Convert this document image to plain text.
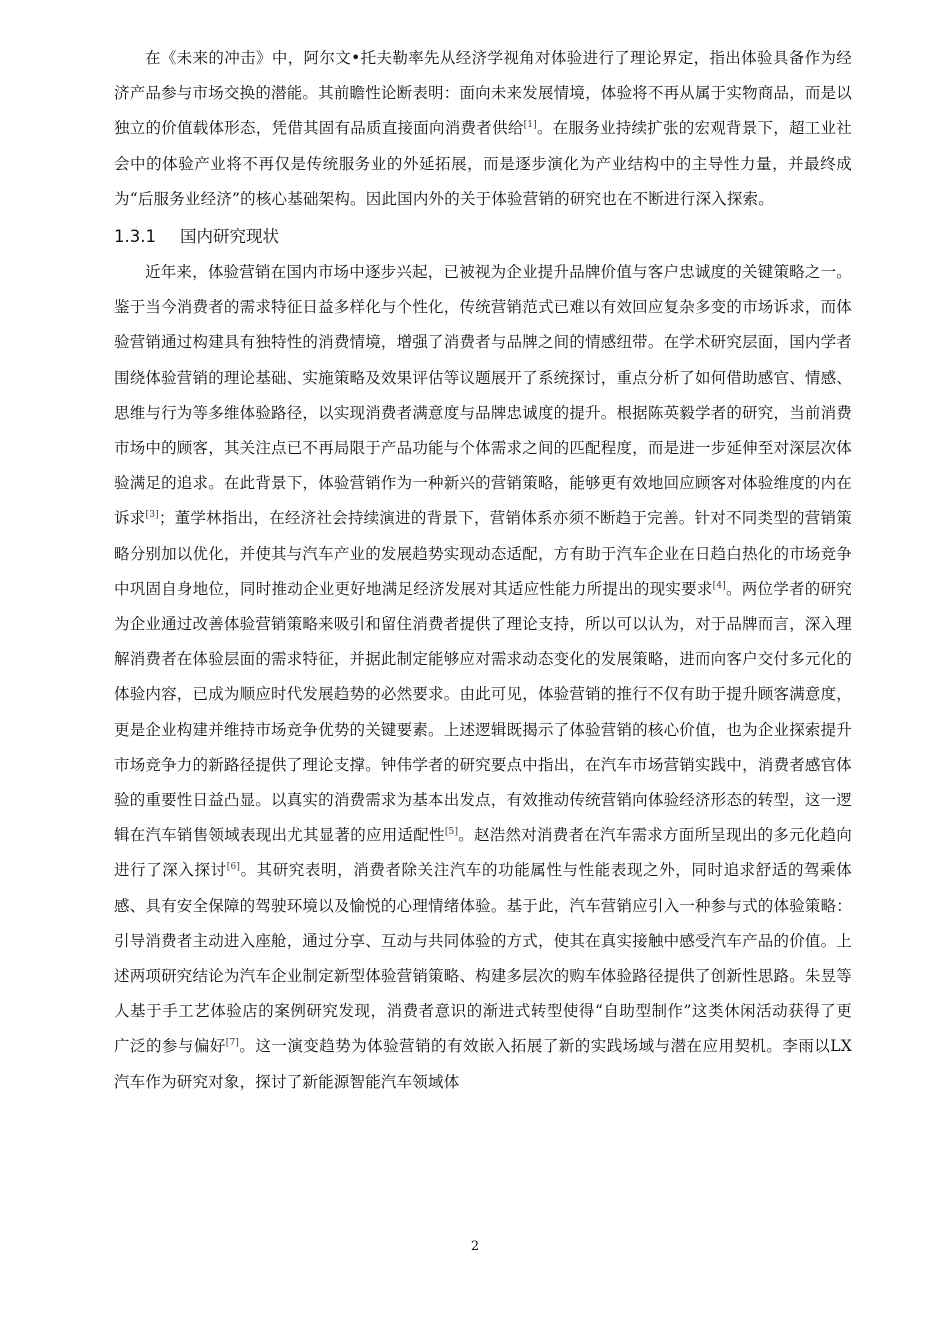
在《未来的冲击》中，阿尔文•托夫勒率先从经济学视角对体验进行了理论界定，指出体验具备作为经济产品参与市场交换的潜能。其前瞻性论断表明：面向未来发展情境，体验将不再从属于实物商品，而是以独立的价值载体形态，凭借其固有品质直接面向消费者供给[1]。在服务业持续扩张的宏观背景下，超工业社会中的体验产业将不再仅是传统服务业的外延拓展，而是逐步演化为产业结构中的主导性力量，并最终成为“后服务业经济”的核心基础架构。因此国内外的关于体验营销的研究也在不断进行深入探索。

1.3.1	国内研究现状

近年来，体验营销在国内市场中逐步兴起，已被视为企业提升品牌价值与客户忠诚度的关键策略之一。鉴于当今消费者的需求特征日益多样化与个性化，传统营销范式已难以有效回应复杂多变的市场诉求，而体验营销通过构建具有独特性的消费情境，增强了消费者与品牌之间的情感纽带。在学术研究层面，国内学者围绕体验营销的理论基础、实施策略及效果评估等议题展开了系统探讨，重点分析了如何借助感官、情感、思维与行为等多维体验路径，以实现消费者满意度与品牌忠诚度的提升。根据陈英毅学者的研究，当前消费市场中的顾客，其关注点已不再局限于产品功能与个体需求之间的匹配程度，而是进一步延伸至对深层次体验满足的追求。在此背景下，体验营销作为一种新兴的营销策略，能够更有效地回应顾客对体验维度的内在诉求[3]；董学林指出，在经济社会持续演进的背景下，营销体系亦须不断趋于完善。针对不同类型的营销策略分别加以优化，并使其与汽车产业的发展趋势实现动态适配，方有助于汽车企业在日趋白热化的市场竞争中巩固自身地位，同时推动企业更好地满足经济发展对其适应性能力所提出的现实要求[4]。两位学者的研究为企业通过改善体验营销策略来吸引和留住消费者提供了理论支持，所以可以认为，对于品牌而言，深入理解消费者在体验层面的需求特征，并据此制定能够应对需求动态变化的发展策略，进而向客户交付多元化的体验内容，已成为顺应时代发展趋势的必然要求。由此可见，体验营销的推行不仅有助于提升顾客满意度，更是企业构建并维持市场竞争优势的关键要素。上述逻辑既揭示了体验营销的核心价值，也为企业探索提升市场竞争力的新路径提供了理论支撑。钟伟学者的研究要点中指出，在汽车市场营销实践中，消费者感官体验的重要性日益凸显。以真实的消费需求为基本出发点，有效推动传统营销向体验经济形态的转型，这一逻辑在汽车销售领域表现出尤其显著的应用适配性[5]。赵浩然对消费者在汽车需求方面所呈现出的多元化趋向进行了深入探讨[6]。其研究表明，消费者除关注汽车的功能属性与性能表现之外，同时追求舒适的驾乘体感、具有安全保障的驾驶环境以及愉悦的心理情绪体验。基于此，汽车营销应引入一种参与式的体验策略：引导消费者主动进入座舱，通过分享、互动与共同体验的方式，使其在真实接触中感受汽车产品的价值。上述两项研究结论为汽车企业制定新型体验营销策略、构建多层次的购车体验路径提供了创新性思路。朱昱等人基于手工艺体验店的案例研究发现，消费者意识的渐进式转型使得“自助型制作”这类休闲活动获得了更广泛的参与偏好[7]。这一演变趋势为体验营销的有效嵌入拓展了新的实践场域与潜在应用契机。李雨以LX汽车作为研究对象，探讨了新能源智能汽车领域体

2
